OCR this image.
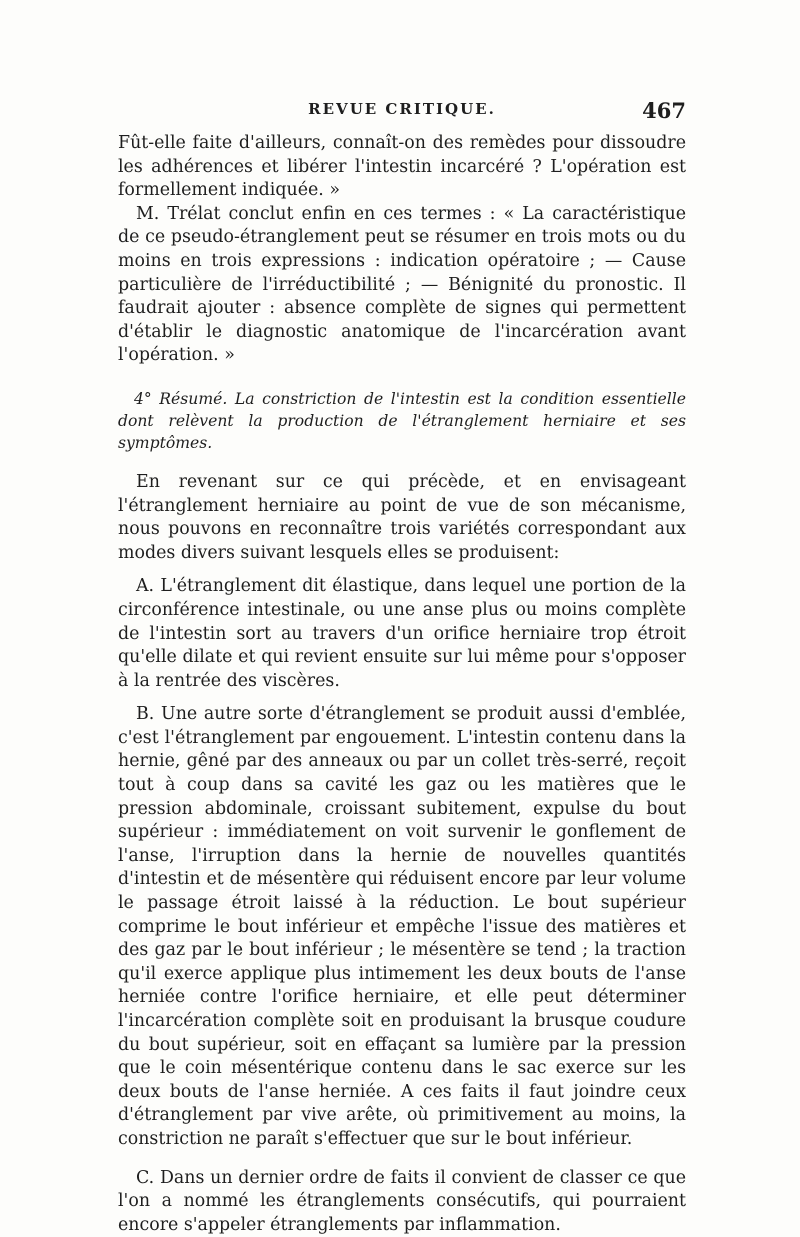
REVUE CRITIQUE.	467

Fût-elle faite d'ailleurs, connaît-on des remèdes pour dissoudre les adhérences et libérer l'intestin incarcéré ? L'opération est formellement indiquée. »

M. Trélat conclut enfin en ces termes : « La caractéristique de ce pseudo-étranglement peut se résumer en trois mots ou du moins en trois expressions : indication opératoire ; — Cause particulière de l'irréductibilité ; — Bénignité du pronostic. Il faudrait ajouter : absence complète de signes qui permettent d'établir le diagnostic anatomique de l'incarcération avant l'opération. »

4° Résumé. La constriction de l'intestin est la condition essentielle dont relèvent la production de l'étranglement herniaire et ses symptômes.

En revenant sur ce qui précède, et en envisageant l'étranglement herniaire au point de vue de son mécanisme, nous pouvons en reconnaître trois variétés correspondant aux modes divers suivant lesquels elles se produisent:

A. L'étranglement dit élastique, dans lequel une portion de la circonférence intestinale, ou une anse plus ou moins complète de l'intestin sort au travers d'un orifice herniaire trop étroit qu'elle dilate et qui revient ensuite sur lui même pour s'opposer à la rentrée des viscères.

B. Une autre sorte d'étranglement se produit aussi d'emblée, c'est l'étranglement par engouement. L'intestin contenu dans la hernie, gêné par des anneaux ou par un collet très-serré, reçoit tout à coup dans sa cavité les gaz ou les matières que le pression abdominale, croissant subitement, expulse du bout supérieur : immédiatement on voit survenir le gonflement de l'anse, l'irruption dans la hernie de nouvelles quantités d'intestin et de mésentère qui réduisent encore par leur volume le passage étroit laissé à la réduction. Le bout supérieur comprime le bout inférieur et empêche l'issue des matières et des gaz par le bout inférieur ; le mésentère se tend ; la traction qu'il exerce applique plus intimement les deux bouts de l'anse herniée contre l'orifice herniaire, et elle peut déterminer l'incarcération complète soit en produisant la brusque coudure du bout supérieur, soit en effaçant sa lumière par la pression que le coin mésentérique contenu dans le sac exerce sur les deux bouts de l'anse herniée. A ces faits il faut joindre ceux d'étranglement par vive arête, où primitivement au moins, la constriction ne paraît s'effectuer que sur le bout inférieur.

C. Dans un dernier ordre de faits il convient de classer ce que l'on a nommé les étranglements consécutifs, qui pourraient encore s'appeler étranglements par inflammation.
